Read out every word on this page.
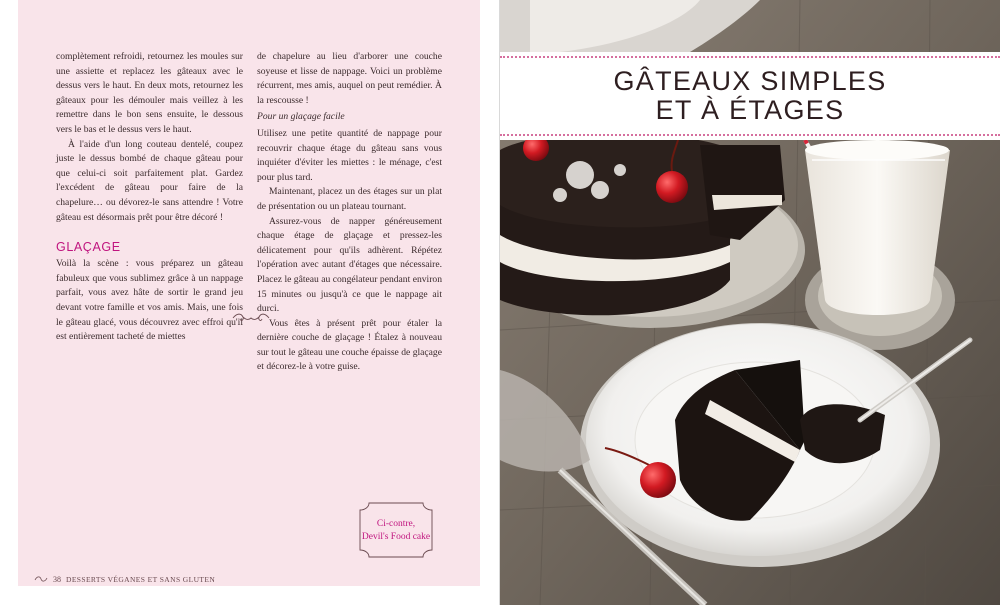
complètement refroidi, retournez les moules sur une assiette et replacez les gâteaux avec le dessus vers le haut. En deux mots, retournez les gâteaux pour les démouler mais veillez à les remettre dans le bon sens ensuite, le dessous vers le bas et le dessus vers le haut.

À l'aide d'un long couteau dentelé, coupez juste le dessus bombé de chaque gâteau pour que celui-ci soit parfaitement plat. Gardez l'excédent de gâteau pour faire de la chapelure… ou dévorez-le sans attendre ! Votre gâteau est désormais prêt pour être décoré !

GLAÇAGE

Voilà la scène : vous préparez un gâteau fabuleux que vous sublimez grâce à un nappage parfait, vous avez hâte de sortir le grand jeu devant votre famille et vos amis. Mais, une fois le gâteau glacé, vous découvrez avec effroi qu'il est entièrement tacheté de miettes

de chapelure au lieu d'arborer une couche soyeuse et lisse de nappage. Voici un problème récurrent, mes amis, auquel on peut remédier. À la rescousse !

Pour un glaçage facile

Utilisez une petite quantité de nappage pour recouvrir chaque étage du gâteau sans vous inquiéter d'éviter les miettes : le ménage, c'est pour plus tard.

Maintenant, placez un des étages sur un plat de présentation ou un plateau tournant.

Assurez-vous de napper généreusement chaque étage de glaçage et pressez-les délicatement pour qu'ils adhèrent. Répétez l'opération avec autant d'étages que nécessaire. Placez le gâteau au congélateur pendant environ 15 minutes ou jusqu'à ce que le nappage ait durci.

Vous êtes à présent prêt pour étaler la dernière couche de glaçage ! Étalez à nouveau sur tout le gâteau une couche épaisse de glaçage et décorez-le à votre guise.

Ci-contre,
Devil's Food cake
38 DESSERTS VÉGANES ET SANS GLUTEN
GÂTEAUX SIMPLES
ET À ÉTAGES
